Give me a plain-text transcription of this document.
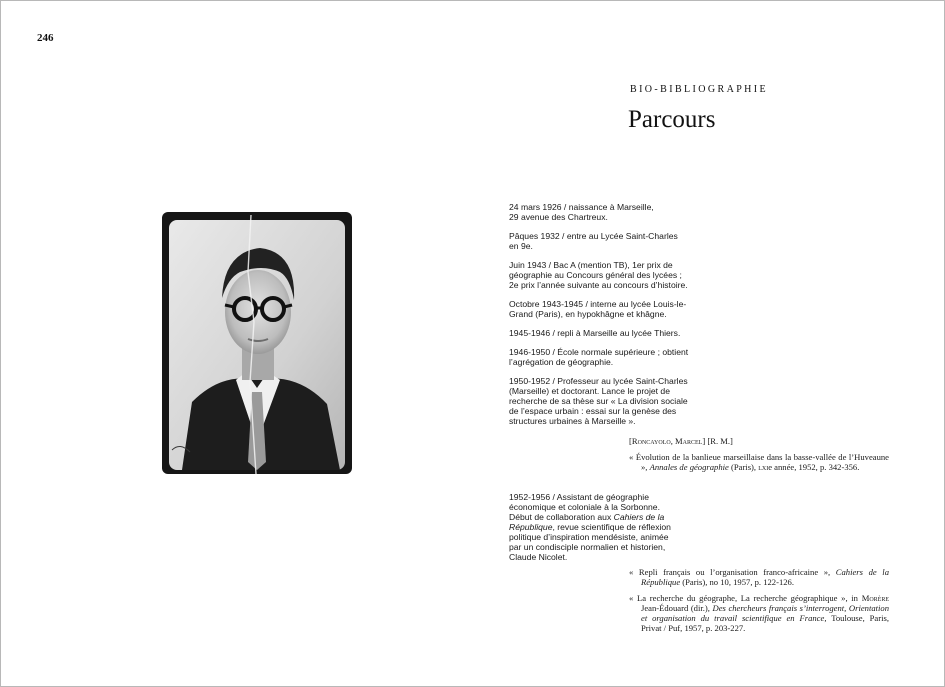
246
BIO-BIBLIOGRAPHIE
Parcours

24 mars 1926 / naissance à Marseille,
29 avenue des Chartreux.

Pâques 1932 / entre au Lycée Saint-Charles
en 9e.

Juin 1943 / Bac A (mention TB), 1er prix de
géographie au Concours général des lycées ;
2e prix l’année suivante au concours d’histoire.

Octobre 1943-1945 / interne au lycée Louis-le-
Grand (Paris), en hypokhâgne et khâgne.

1945-1946 / repli à Marseille au lycée Thiers.

1946-1950 / École normale supérieure ; obtient
l’agrégation de géographie.

1950-1952 / Professeur au lycée Saint-Charles
(Marseille) et doctorant. Lance le projet de
recherche de sa thèse sur « La division sociale
de l’espace urbain : essai sur la genèse des
structures urbaines à Marseille ».

[Roncayolo, Marcel] [R. M.]

« Évolution de la banlieue marseillaise dans la basse-vallée de l’Huveaune », Annales de géographie (Paris), lxie année, 1952, p. 342-356.

1952-1956 / Assistant de géographie
économique et coloniale à la Sorbonne.
Début de collaboration aux Cahiers de la
République, revue scientifique de réflexion
politique d’inspiration mendésiste, animée
par un condisciple normalien et historien,
Claude Nicolet.

« Repli français ou l’organisation franco-africaine », Cahiers de la République (Paris), no 10, 1957, p. 122-126.

« La recherche du géographe, La recherche géographique », in Morère Jean-Édouard (dir.), Des chercheurs français s’interrogent, Orientation et organisation du travail scientifique en France, Toulouse, Paris, Privat / Puf, 1957, p. 203-227.
